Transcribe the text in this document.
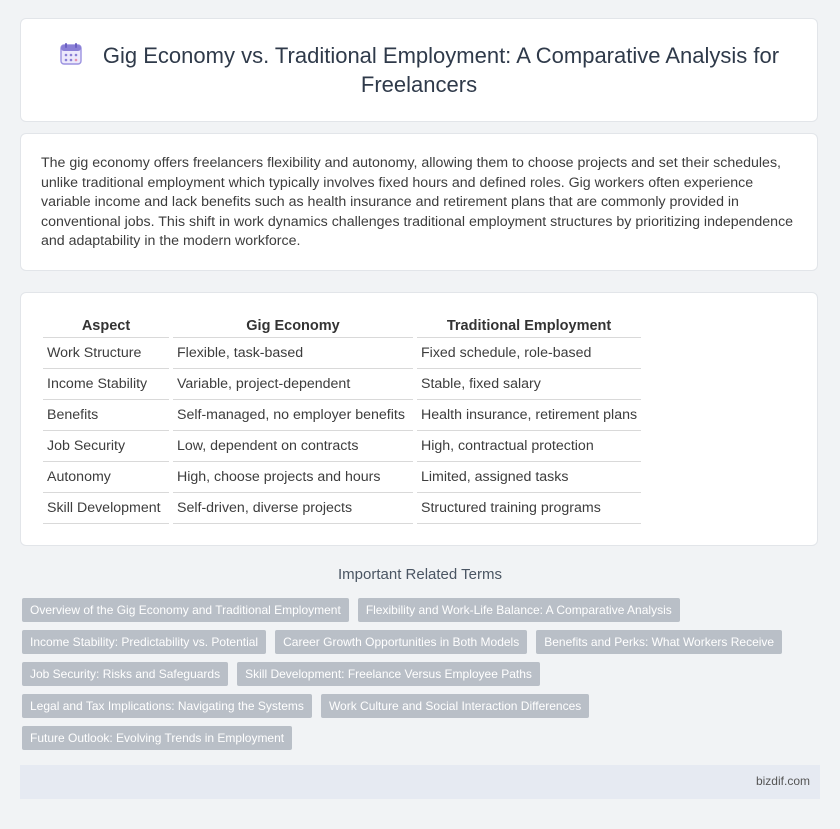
Gig Economy vs. Traditional Employment: A Comparative Analysis for Freelancers

The gig economy offers freelancers flexibility and autonomy, allowing them to choose projects and set their schedules, unlike traditional employment which typically involves fixed hours and defined roles. Gig workers often experience variable income and lack benefits such as health insurance and retirement plans that are commonly provided in conventional jobs. This shift in work dynamics challenges traditional employment structures by prioritizing independence and adaptability in the modern workforce.

Aspect	Gig Economy	Traditional Employment
Work Structure	Flexible, task-based	Fixed schedule, role-based
Income Stability	Variable, project-dependent	Stable, fixed salary
Benefits	Self-managed, no employer benefits	Health insurance, retirement plans
Job Security	Low, dependent on contracts	High, contractual protection
Autonomy	High, choose projects and hours	Limited, assigned tasks
Skill Development	Self-driven, diverse projects	Structured training programs
Important Related Terms
Overview of the Gig Economy and Traditional Employment	Flexibility and Work-Life Balance: A Comparative Analysis
Income Stability: Predictability vs. Potential	Career Growth Opportunities in Both Models	Benefits and Perks: What Workers Receive
Job Security: Risks and Safeguards	Skill Development: Freelance Versus Employee Paths
Legal and Tax Implications: Navigating the Systems	Work Culture and Social Interaction Differences
Future Outlook: Evolving Trends in Employment
bizdif.com
